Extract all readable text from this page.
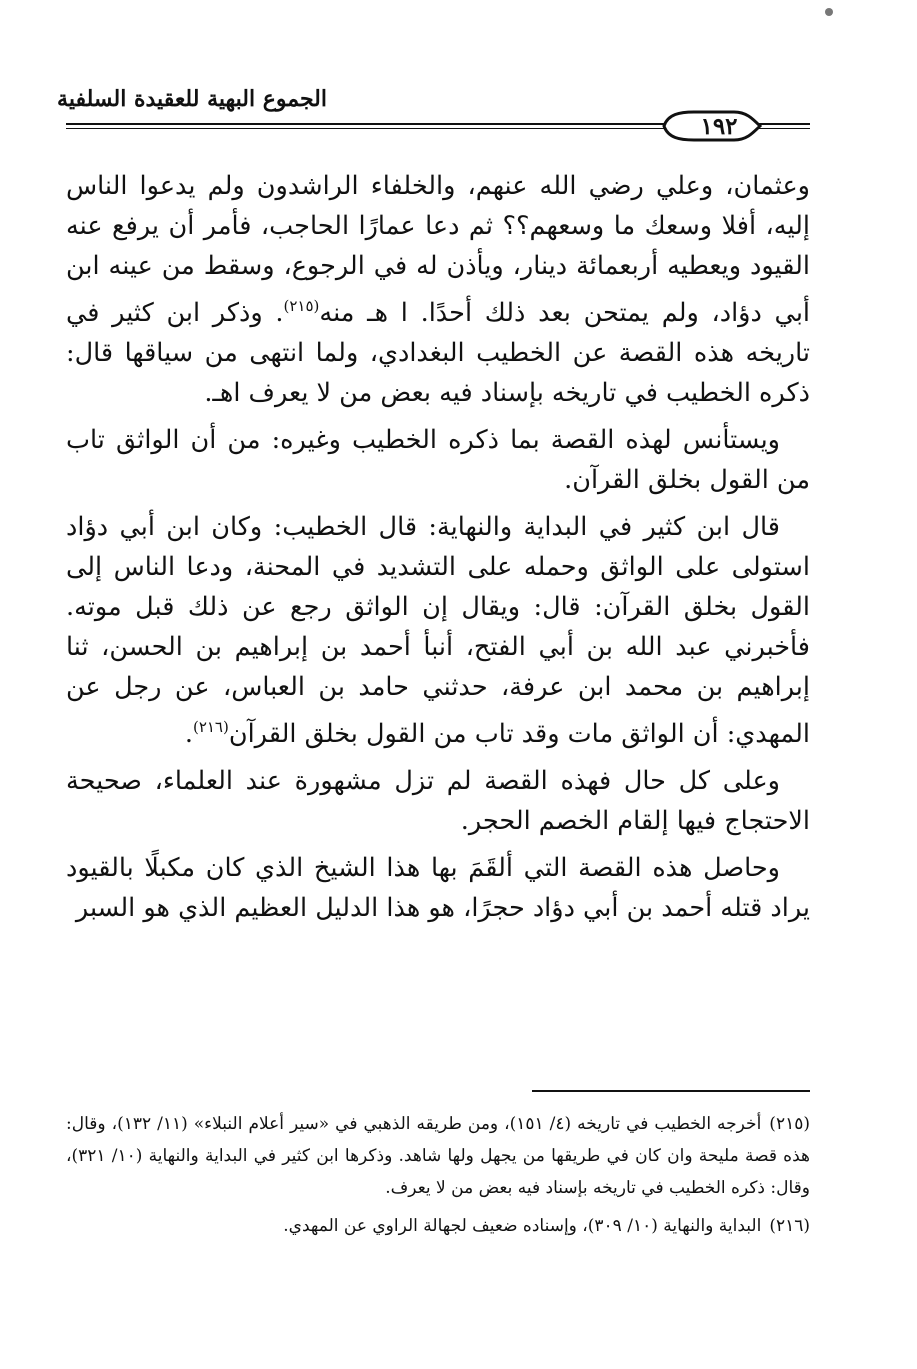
الجموع البهية للعقيدة السلفية
١٩٢

وعثمان، وعلي رضي الله عنهم، والخلفاء الراشدون ولم يدعوا الناس إليه، أفلا وسعك ما وسعهم؟؟ ثم دعا عمارًا الحاجب، فأمر أن يرفع عنه القيود ويعطيه أربعمائة دينار، ويأذن له في الرجوع، وسقط من عينه ابن أبي دؤاد، ولم يمتحن بعد ذلك أحدًا. ا هـ منه$^{(٢١٥)}$. وذكر ابن كثير في تاريخه هذه القصة عن الخطيب البغدادي، ولما انتهى من سياقها قال: ذكره الخطيب في تاريخه بإسناد فيه بعض من لا يعرف اهـ.

ويستأنس لهذه القصة بما ذكره الخطيب وغيره: من أن الواثق تاب من القول بخلق القرآن.

قال ابن كثير في البداية والنهاية: قال الخطيب: وكان ابن أبي دؤاد استولى على الواثق وحمله على التشديد في المحنة، ودعا الناس إلى القول بخلق القرآن: قال: ويقال إن الواثق رجع عن ذلك قبل موته. فأخبرني عبد الله بن أبي الفتح، أنبأ أحمد بن إبراهيم بن الحسن، ثنا إبراهيم بن محمد ابن عرفة، حدثني حامد بن العباس، عن رجل عن المهدي: أن الواثق مات وقد تاب من القول بخلق القرآن$^{(٢١٦)}$.

وعلى كل حال فهذه القصة لم تزل مشهورة عند العلماء، صحيحة الاحتجاج فيها إلقام الخصم الحجر.

وحاصل هذه القصة التي ألقَمَ بها هذا الشيخ الذي كان مكبلًا بالقيود يراد قتله أحمد بن أبي دؤاد حجرًا، هو هذا الدليل العظيم الذي هو السبر

(٢١٥)أخرجه الخطيب في تاريخه (٤/ ١٥١)، ومن طريقه الذهبي في «سير أعلام النبلاء» (١١/ ١٣٢)، وقال: هذه قصة مليحة وان كان في طريقها من يجهل ولها شاهد. وذكرها ابن كثير في البداية والنهاية (١٠/ ٣٢١)، وقال: ذكره الخطيب في تاريخه بإسناد فيه بعض من لا يعرف.

(٢١٦)البداية والنهاية (١٠/ ٣٠٩)، وإسناده ضعيف لجهالة الراوي عن المهدي.
